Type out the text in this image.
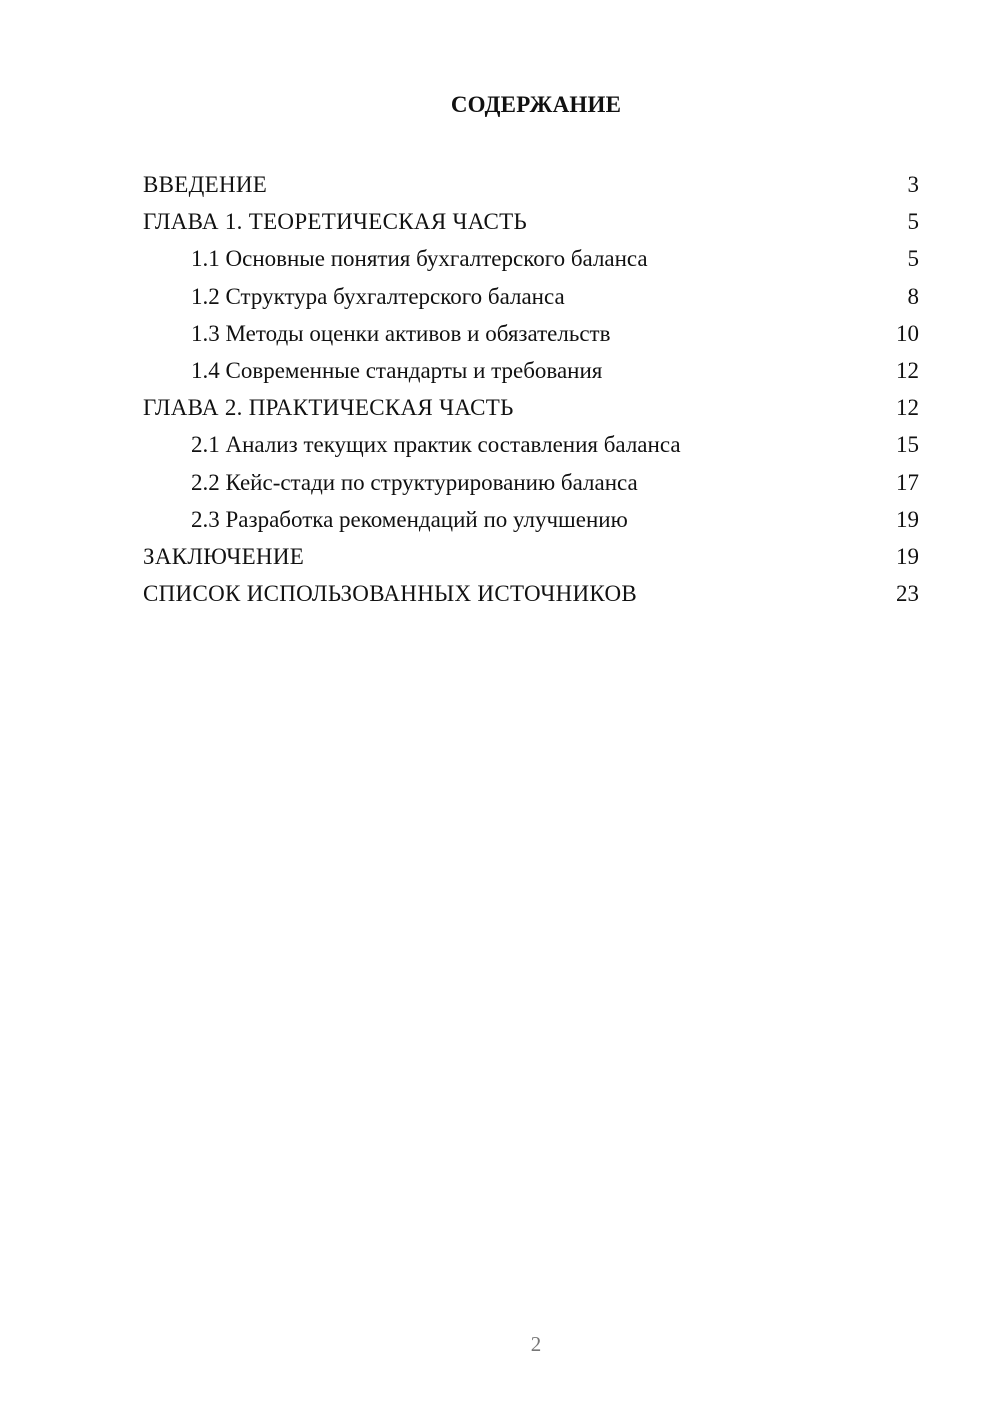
СОДЕРЖАНИЕ
ВВЕДЕНИЕ	3
ГЛАВА 1. ТЕОРЕТИЧЕСКАЯ ЧАСТЬ	5
1.1 Основные понятия бухгалтерского баланса	5
1.2 Структура бухгалтерского баланса	8
1.3 Методы оценки активов и обязательств	10
1.4 Современные стандарты и требования	12
ГЛАВА 2. ПРАКТИЧЕСКАЯ ЧАСТЬ	12
2.1 Анализ текущих практик составления баланса	15
2.2 Кейс-стади по структурированию баланса	17
2.3 Разработка рекомендаций по улучшению	19
ЗАКЛЮЧЕНИЕ	19
СПИСОК ИСПОЛЬЗОВАННЫХ ИСТОЧНИКОВ	23
2
